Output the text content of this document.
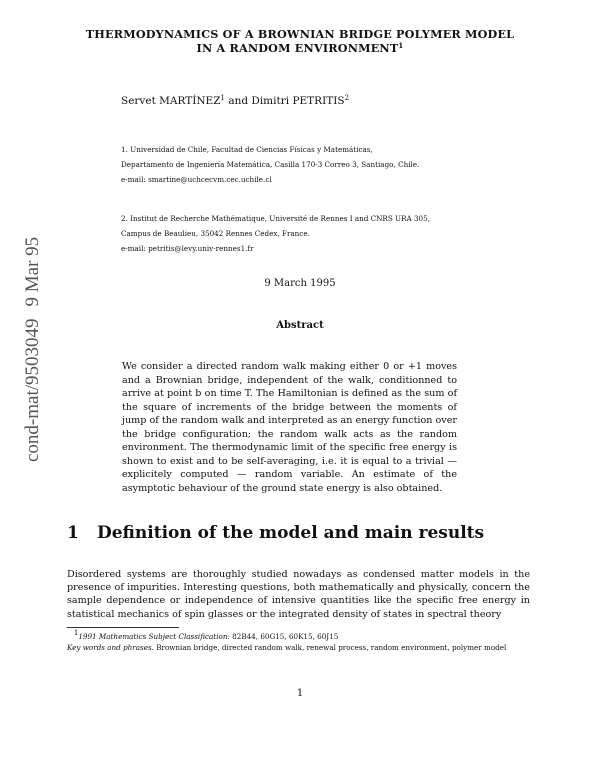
THERMODYNAMICS OF A BROWNIAN BRIDGE POLYMER MODEL
IN A RANDOM ENVIRONMENT$^1$
Servet MARTÍNEZ$^1$ and Dimitri PETRITIS$^2$
1. Universidad de Chile, Facultad de Ciencias Físicas y Matemáticas,
Departamento de Ingeniería Matemática, Casilla 170-3 Correo 3, Santiago, Chile.
e-mail: smartine@uchcecvm.cec.uchile.cl
2. Institut de Recherche Mathématique, Université de Rennes I and CNRS URA 305,
Campus de Beaulieu, 35042 Rennes Cedex, France.
e-mail: petritis@levy.univ-rennes1.fr
9 March 1995
Abstract

We consider a directed random walk making either 0 or +1 moves and a Brownian bridge, independent of the walk, conditionned to arrive at point b on time T. The Hamiltonian is defined as the sum of the square of increments of the bridge between the moments of jump of the random walk and interpreted as an energy function over the bridge configuration; the random walk acts as the random environment. The thermodynamic limit of the specific free energy is shown to exist and to be self-averaging, i.e. it is equal to a trivial — explicitely computed — random variable. An estimate of the asymptotic behaviour of the ground state energy is also obtained.

cond-mat/95030499 Mar 95
1 Definition of the model and main results

Disordered systems are thoroughly studied nowadays as condensed matter models in the presence of impurities. Interesting questions, both mathematically and physically, concern the sample dependence or independence of intensive quantities like the specific free energy in statistical mechanics of spin glasses or the integrated density of states in spectral theory

$^1$1991 Mathematics Subject Classification: 82B44, 60G15, 60K15, 60J15
Key words and phrases. Brownian bridge, directed random walk, renewal process, random environment, polymer model
1
